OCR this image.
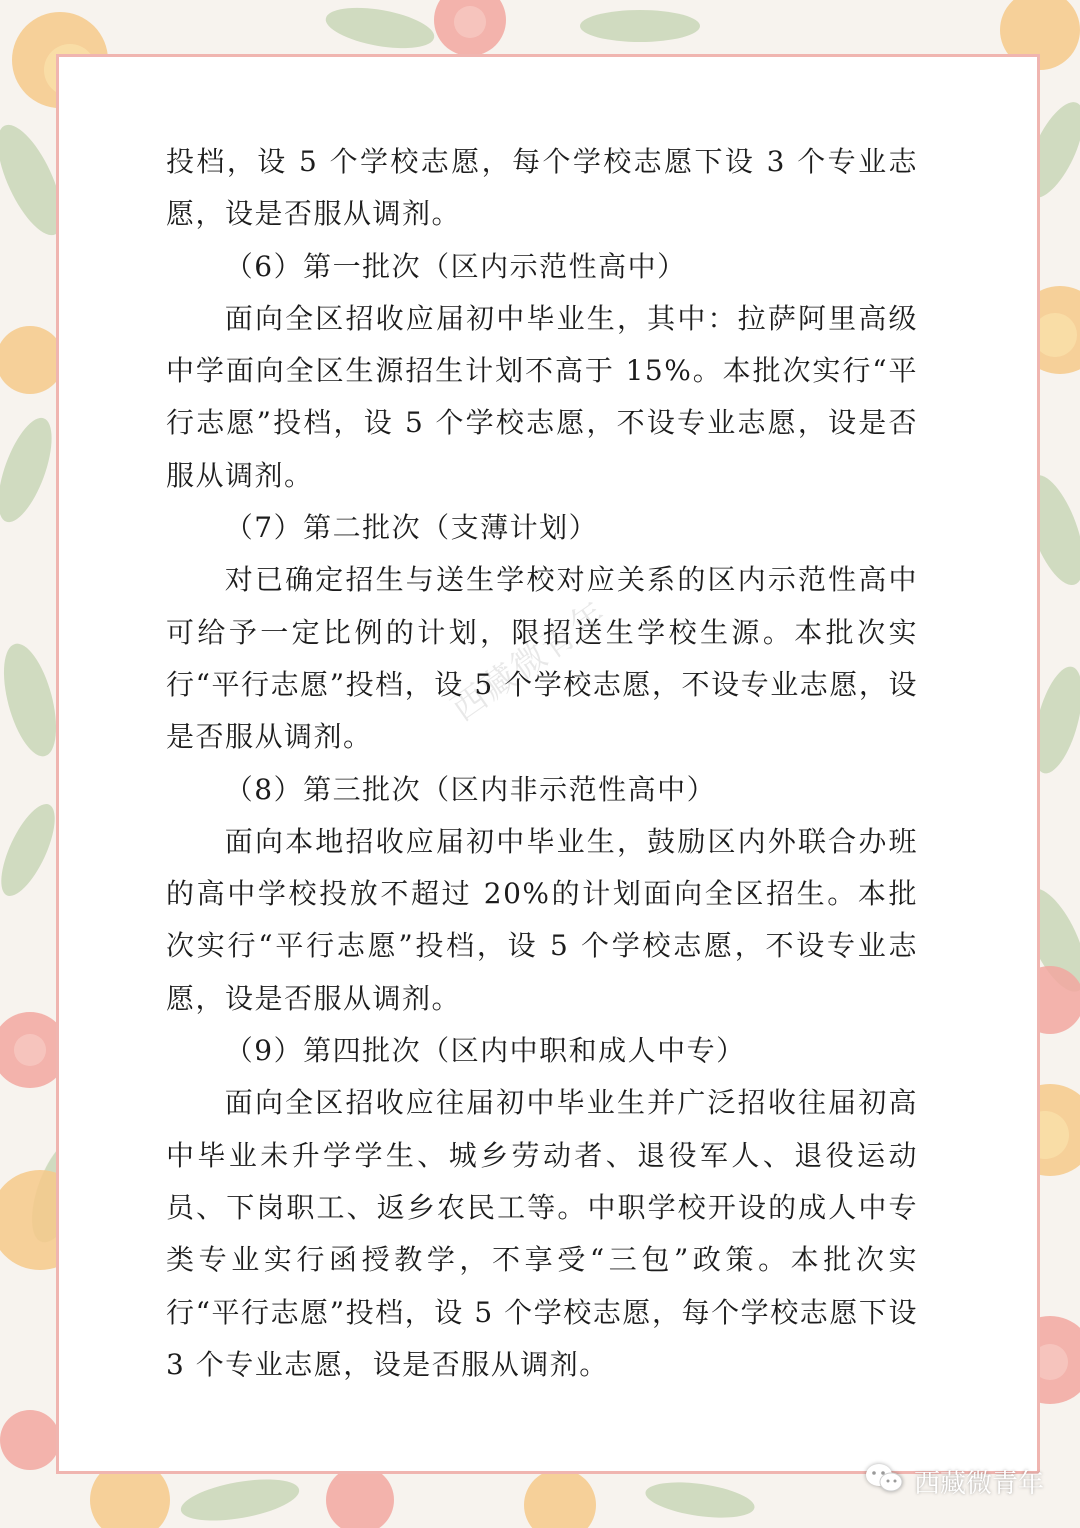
西藏微青年

投档，设 5 个学校志愿，每个学校志愿下设 3 个专业志愿，设是否服从调剂。

（6）第一批次（区内示范性高中）

面向全区招收应届初中毕业生，其中：拉萨阿里高级中学面向全区生源招生计划不高于 15%。本批次实行“平行志愿”投档，设 5 个学校志愿，不设专业志愿，设是否服从调剂。

（7）第二批次（支薄计划）

对已确定招生与送生学校对应关系的区内示范性高中可给予一定比例的计划，限招送生学校生源。本批次实行“平行志愿”投档，设 5 个学校志愿，不设专业志愿，设是否服从调剂。

（8）第三批次（区内非示范性高中）

面向本地招收应届初中毕业生，鼓励区内外联合办班的高中学校投放不超过 20%的计划面向全区招生。本批次实行“平行志愿”投档，设 5 个学校志愿，不设专业志愿，设是否服从调剂。

（9）第四批次（区内中职和成人中专）

面向全区招收应往届初中毕业生并广泛招收往届初高中毕业未升学学生、城乡劳动者、退役军人、退役运动员、下岗职工、返乡农民工等。中职学校开设的成人中专类专业实行函授教学，不享受“三包”政策。本批次实行“平行志愿”投档，设 5 个学校志愿，每个学校志愿下设 3 个专业志愿，设是否服从调剂。

西藏微青年
